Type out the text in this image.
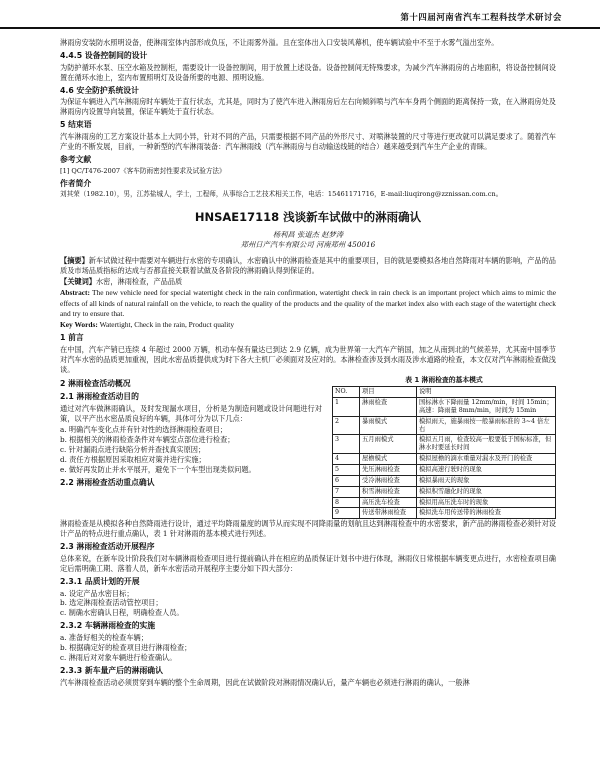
第十四届河南省汽车工程科技学术研讨会

淋雨房安装防水照明设备，使淋雨室体内部形成负压，不让雨雾外溢。且在室体出入口安装风幕机，使车辆试验中不至于水雾气溢出室外。

4.4.5 设备控制间的设计

为防护循环水泵、压空水箱及控制柜，需要设计一设备控制间，用于放置上述设备。设备控制间无特殊要求，为减少汽车淋雨房的占地面积，将设备控制间设置在循环水池上，室内布置照明灯及设备所要的电源、照明设施。

4.6 安全防护系统设计

为保证车辆进入汽车淋雨房时车辆处于直行状态，尤其是，同时为了使汽车进入淋雨房后左右向倾斜喷与汽车车身两个侧面的距离保持一致，在入淋雨房处及淋雨房内设置导向装置，保证车辆处于直行状态。

5 结束语

汽车淋雨房的工艺方案设计基本上大同小异，针对不同的产品，只需要根据不同产品的外形尺寸、对喷淋装置的尺寸等进行更改就可以满足要求了。随着汽车产业的不断发展，目前，一种新型的汽车淋雨装备：汽车淋雨线（汽车淋雨房与自动输送线链的结合）越来越受到汽车生产企业的青睐。

参考文献

[1] QC/T476-2007《客车防雨密封性要求及试验方法》

作者简介

刘其荣（1982.10），男，江苏盐城人，学士，工程师，从事综合工艺技术相关工作，电话：15461171716，E-mail:liuqirong@zznissan.com.cn。

HNSAE17118 浅谈新车试做中的淋雨确认
杨利昌 张道杰 赵梦涛
郑州日产汽车有限公司 河南郑州 450016

【摘要】新车试做过程中需要对车辆进行水密的专项确认，水密确认中的淋雨检查是其中的重要项目，目的就是要模拟各地自然降雨对车辆的影响，产品的品质及市场品质指标的达成与否都直接关联着试做及各阶段的淋雨确认得到保证的。

【关键词】水密，淋雨检查，产品品质

Abstract: The new vehicle need for special watertight check in the rain confirmation, watertight check in rain check is an important project which aims to mimic the effects of all kinds of natural rainfall on the vehicle, to reach the quality of the products and the quality of the market index also with each stage of the watertight check and try to ensure that.

Key Words: Watertight, Check in the rain, Product quality

1 前言

在中国，汽车产销已连续 4 年超过 2000 万辆，机动车保有量达已到达 2.9 亿辆，成为世界第一大汽车产销国，加之从南到北的气候差异，尤其南中国季节对汽车水密的品质更加重视，因此水密品质提供成为时下各大主机厂必须面对及应对的。本淋检查涉及到水雨及涉水道路的检查，本文仅对汽车淋雨检查做浅谈。

2 淋雨检查活动概况
2.1 淋雨检查活动目的

通过对汽车做淋雨确认，及时发现漏水项目，分析是为制造问题或设计问题进行对策，以平产出水密品质良好的车辆，具体可分为以下几点：

a. 明确汽车变化点并有针对性的选择淋雨检查项目；
b. 根据相关的淋雨检查条件对车辆室点部位进行检查；
c. 针对漏雨点进行缺陷分析并查找真实原因；
d. 责任方根据原因采取相应对策并进行实施；
e. 做好再发防止并水平展开，避免下一个车型出现类似问题。
2.2 淋雨检查活动重点确认
表 1 淋雨检查的基本模式
NO.	项目	说明
1	淋雨检查	国标淋水下降雨量 12mm/min，时间 15min；高速：降雨量 8mm/min，时间为 15min
2	暴雨模式	模拟雨天，施暴雨按一般暴雨标准的 3~4 倍左右
3	五月雨模式	模拟五月雨，检查较高一般要低于国标标准，但淋水时要延长时间
4	屋檐模式	模拟屋檐的滴水重量对漏水及开门的检查
5	先压淋雨检查	模拟高速行驶时的现象
6	受冷淋雨检查	模拟暴雨天的现象
7	积雪淋雨检查	模拟积雪融化时的现象
8	高压洗车检查	模拟用高压洗车时的现象
9	传送带淋雨检查	模拟洗车用传送带的淋雨检查

淋雨检查是从模拟各种自然降雨进行设计，通过平均降雨量度的调节从而实现不同降雨量的划航且达到淋雨检查中的水密要求，新产品的淋雨检查必须针对设计产品的特点进行重点确认，表 1 针对淋雨的基本模式进行列述。

2.3 淋雨检查活动开展程序

总体来说，在新车设计阶段我们对车辆淋雨检查项目进行提前确认并在相应的品质保证计划书中进行体现，淋雨仪日常根据车辆变更点进行，水密检查项目确定后需明确工期、落着人员，新车水密活动开展程序主要分如下四大部分：

2.3.1 品质计划的开展
a. 设定产品水密目标；
b. 选定淋雨检查活动管控项目；
c. 制确水密确认日程，明确检查人员。
2.3.2 车辆淋雨检查的实施
a. 准备好相关的检查车辆；
b. 根据确定好的检查项目进行淋雨检查；
c. 淋雨后对对象车辆进行检查确认。
2.3.3 新车量产后的淋雨确认

汽车淋雨检查活动必须贯穿到车辆的整个生命周期，因此在试做阶段对淋雨情况确认后，量产车辆也必须进行淋雨的确认，一般淋
